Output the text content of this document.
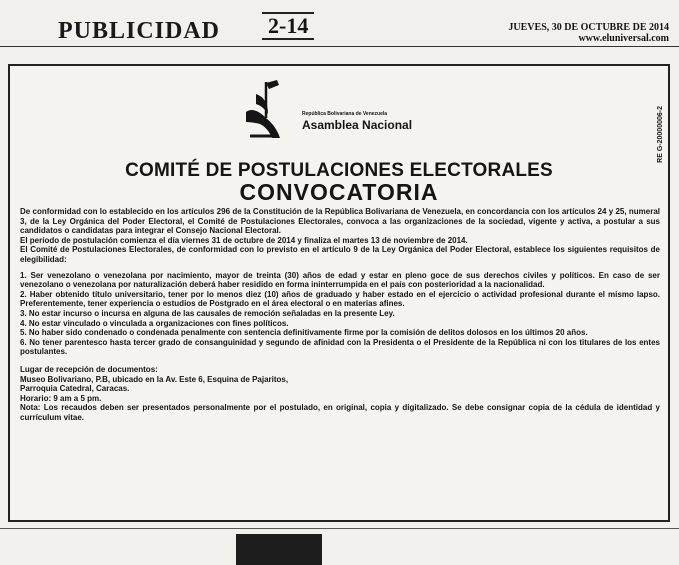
PUBLICIDAD 2-14	JUEVES, 30 DE OCTUBRE DE 2014
www.eluniversal.com
República Bolivariana de Venezuela
Asamblea Nacional	RE G-20000006-2
COMITÉ DE POSTULACIONES ELECTORALES
CONVOCATORIA

De conformidad con lo establecido en los artículos 296 de la Constitución de la República Bolivariana de Venezuela, en concordancia con los artículos 24 y 25, numeral 3, de la Ley Orgánica del Poder Electoral, el Comité de Postulaciones Electorales, convoca a las organizaciones de la sociedad, vigente y activa, a postular a sus candidatos o candidatas para integrar el Consejo Nacional Electoral.

El período de postulación comienza el día viernes 31 de octubre de 2014 y finaliza el martes 13 de noviembre de 2014.

El Comité de Postulaciones Electorales, de conformidad con lo previsto en el artículo 9 de la Ley Orgánica del Poder Electoral, establece los siguientes requisitos de elegibilidad:

1. Ser venezolano o venezolana por nacimiento, mayor de treinta (30) años de edad y estar en pleno goce de sus derechos civiles y políticos. En caso de ser venezolano o venezolana por naturalización deberá haber residido en forma ininterrumpida en el país con posterioridad a la nacionalidad.
2. Haber obtenido título universitario, tener por lo menos diez (10) años de graduado y haber estado en el ejercicio o actividad profesional durante el mismo lapso. Preferentemente, tener experiencia o estudios de Postgrado en el área electoral o en materias afines.
3. No estar incurso o incursa en alguna de las causales de remoción señaladas en la presente Ley.
4. No estar vinculado o vinculada a organizaciones con fines políticos.
5. No haber sido condenado o condenada penalmente con sentencia definitivamente firme por la comisión de delitos dolosos en los últimos 20 años.
6. No tener parentesco hasta tercer grado de consanguinidad y segundo de afinidad con la Presidenta o el Presidente de la República ni con los titulares de los entes postulantes.

Lugar de recepción de documentos:

Museo Bolivariano, P.B, ubicado en la Av. Este 6, Esquina de Pajaritos,

Parroquia Catedral, Caracas.

Horario: 9 am a 5 pm.

Nota: Los recaudos deben ser presentados personalmente por el postulado, en original, copia y digitalizado. Se debe consignar copia de la cédula de identidad y currículum vitae.
